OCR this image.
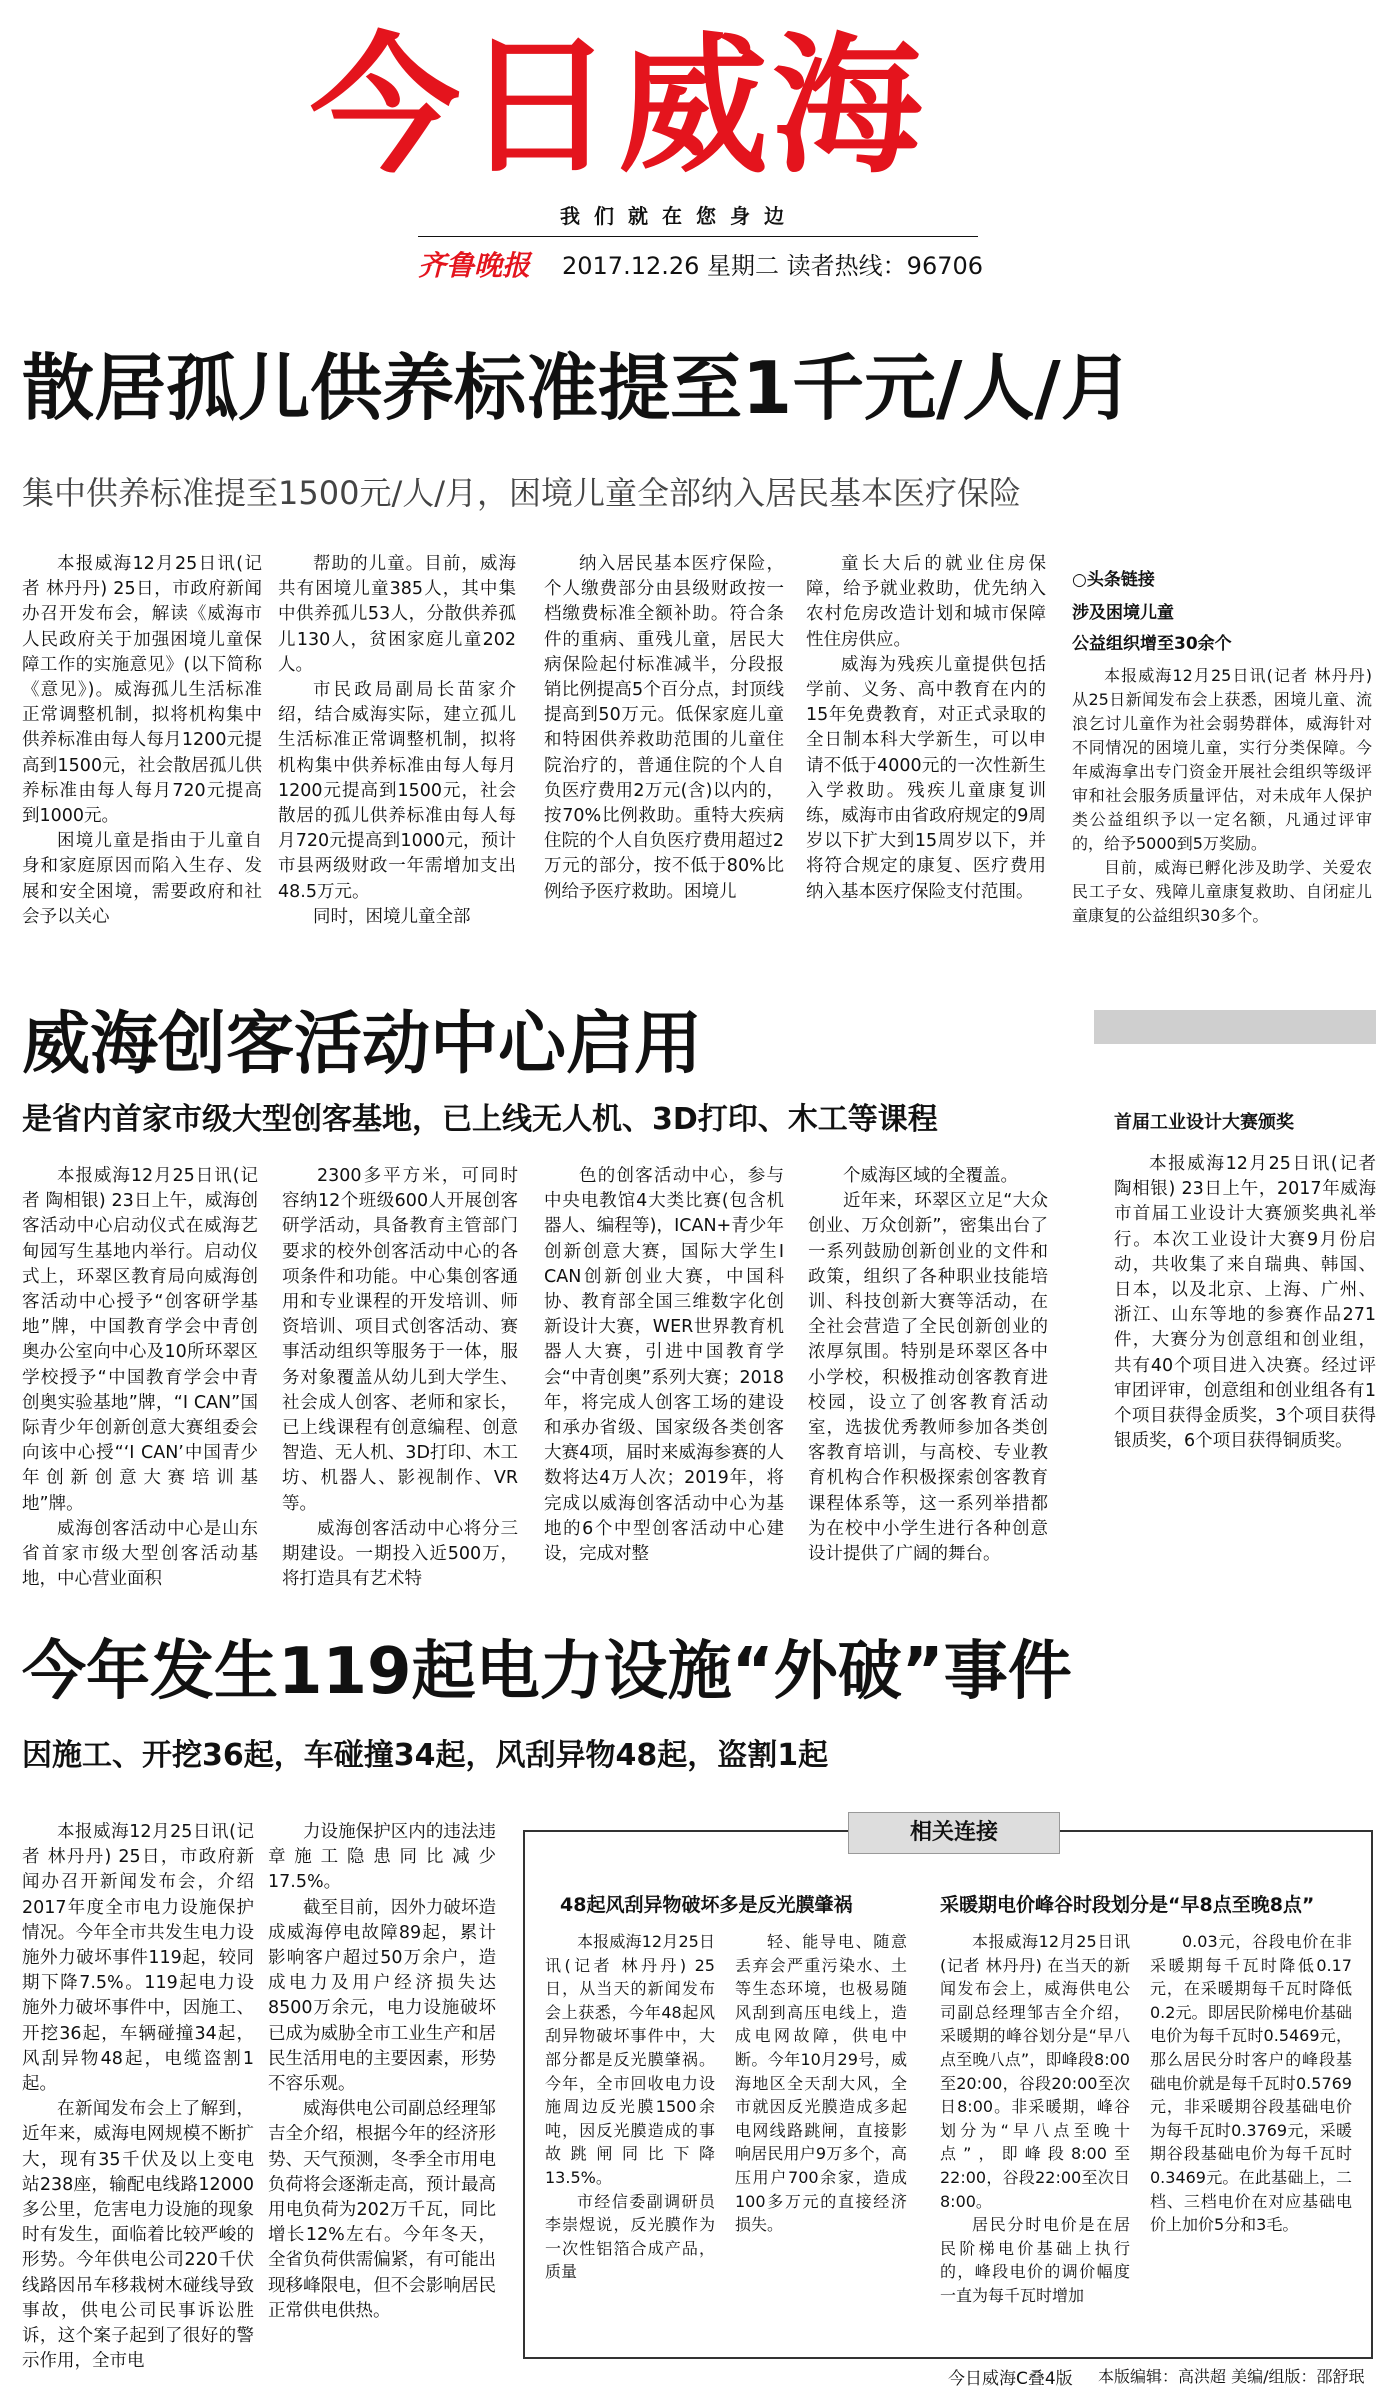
今日威海
我们就在您身边
齐鲁晚报 2017.12.26 星期二 读者热线：96706
散居孤儿供养标准提至1千元/人/月
集中供养标准提至1500元/人/月，困境儿童全部纳入居民基本医疗保险

本报威海12月25日讯(记者 林丹丹) 25日，市政府新闻办召开发布会，解读《威海市人民政府关于加强困境儿童保障工作的实施意见》(以下简称《意见》)。威海孤儿生活标准正常调整机制，拟将机构集中供养标准由每人每月1200元提高到1500元，社会散居孤儿供养标准由每人每月720元提高到1000元。

困境儿童是指由于儿童自身和家庭原因而陷入生存、发展和安全困境，需要政府和社会予以关心

帮助的儿童。目前，威海共有困境儿童385人，其中集中供养孤儿53人，分散供养孤儿130人，贫困家庭儿童202人。

市民政局副局长苗家介绍，结合威海实际，建立孤儿生活标准正常调整机制，拟将机构集中供养标准由每人每月1200元提高到1500元，社会散居的孤儿供养标准由每人每月720元提高到1000元，预计市县两级财政一年需增加支出48.5万元。

同时，困境儿童全部

纳入居民基本医疗保险，个人缴费部分由县级财政按一档缴费标准全额补助。符合条件的重病、重残儿童，居民大病保险起付标准减半，分段报销比例提高5个百分点，封顶线提高到50万元。低保家庭儿童和特困供养救助范围的儿童住院治疗的，普通住院的个人自负医疗费用2万元(含)以内的，按70%比例救助。重特大疾病住院的个人自负医疗费用超过2万元的部分，按不低于80%比例给予医疗救助。困境儿

童长大后的就业住房保障，给予就业救助，优先纳入农村危房改造计划和城市保障性住房供应。

威海为残疾儿童提供包括学前、义务、高中教育在内的15年免费教育，对正式录取的全日制本科大学新生，可以申请不低于4000元的一次性新生入学救助。残疾儿童康复训练，威海市由省政府规定的9周岁以下扩大到15周岁以下，并将符合规定的康复、医疗费用纳入基本医疗保险支付范围。

○头条链接
涉及困境儿童
公益组织增至30余个

本报威海12月25日讯(记者 林丹丹) 从25日新闻发布会上获悉，困境儿童、流浪乞讨儿童作为社会弱势群体，威海针对不同情况的困境儿童，实行分类保障。今年威海拿出专门资金开展社会组织等级评审和社会服务质量评估，对未成年人保护类公益组织予以一定名额，凡通过评审的，给予5000到5万奖励。

目前，威海已孵化涉及助学、关爱农民工子女、残障儿童康复救助、自闭症儿童康复的公益组织30多个。

威海创客活动中心启用
是省内首家市级大型创客基地，已上线无人机、3D打印、木工等课程

本报威海12月25日讯(记者 陶相银) 23日上午，威海创客活动中心启动仪式在威海艺甸园写生基地内举行。启动仪式上，环翠区教育局向威海创客活动中心授予“创客研学基地”牌，中国教育学会中青创奥办公室向中心及10所环翠区学校授予“中国教育学会中青创奥实验基地”牌，“I CAN”国际青少年创新创意大赛组委会向该中心授“‘I CAN’中国青少年创新创意大赛培训基地”牌。

威海创客活动中心是山东省首家市级大型创客活动基地，中心营业面积

2300多平方米，可同时容纳12个班级600人开展创客研学活动，具备教育主管部门要求的校外创客活动中心的各项条件和功能。中心集创客通用和专业课程的开发培训、师资培训、项目式创客活动、赛事活动组织等服务于一体，服务对象覆盖从幼儿到大学生、社会成人创客、老师和家长，已上线课程有创意编程、创意智造、无人机、3D打印、木工坊、机器人、影视制作、VR等。

威海创客活动中心将分三期建设。一期投入近500万，将打造具有艺术特

色的创客活动中心，参与中央电教馆4大类比赛(包含机器人、编程等)，ICAN+青少年创新创意大赛，国际大学生I CAN创新创业大赛，中国科协、教育部全国三维数字化创新设计大赛，WER世界教育机器人大赛，引进中国教育学会“中青创奥”系列大赛；2018年，将完成人创客工场的建设和承办省级、国家级各类创客大赛4项，届时来威海参赛的人数将达4万人次；2019年，将完成以威海创客活动中心为基地的6个中型创客活动中心建设，完成对整

个威海区域的全覆盖。

近年来，环翠区立足“大众创业、万众创新”，密集出台了一系列鼓励创新创业的文件和政策，组织了各种职业技能培训、科技创新大赛等活动，在全社会营造了全民创新创业的浓厚氛围。特别是环翠区各中小学校，积极推动创客教育进校园，设立了创客教育活动室，选拔优秀教师参加各类创客教育培训，与高校、专业教育机构合作积极探索创客教育课程体系等，这一系列举措都为在校中小学生进行各种创意设计提供了广阔的舞台。

首届工业设计大赛颁奖

本报威海12月25日讯(记者 陶相银) 23日上午，2017年威海市首届工业设计大赛颁奖典礼举行。本次工业设计大赛9月份启动，共收集了来自瑞典、韩国、日本，以及北京、上海、广州、浙江、山东等地的参赛作品271件，大赛分为创意组和创业组，共有40个项目进入决赛。经过评审团评审，创意组和创业组各有1个项目获得金质奖，3个项目获得银质奖，6个项目获得铜质奖。

今年发生119起电力设施“外破”事件
因施工、开挖36起，车碰撞34起，风刮异物48起，盗割1起

本报威海12月25日讯(记者 林丹丹) 25日，市政府新闻办召开新闻发布会，介绍2017年度全市电力设施保护情况。今年全市共发生电力设施外力破坏事件119起，较同期下降7.5%。119起电力设施外力破坏事件中，因施工、开挖36起，车辆碰撞34起，风刮异物48起，电缆盗割1起。

在新闻发布会上了解到，近年来，威海电网规模不断扩大，现有35千伏及以上变电站238座，输配电线路12000多公里，危害电力设施的现象时有发生，面临着比较严峻的形势。今年供电公司220千伏线路因吊车移栽树木碰线导致事故，供电公司民事诉讼胜诉，这个案子起到了很好的警示作用，全市电

力设施保护区内的违法违章施工隐患同比减少17.5%。

截至目前，因外力破坏造成威海停电故障89起，累计影响客户超过50万余户，造成电力及用户经济损失达8500万余元，电力设施破坏已成为威胁全市工业生产和居民生活用电的主要因素，形势不容乐观。

威海供电公司副总经理邹吉全介绍，根据今年的经济形势、天气预测，冬季全市用电负荷将会逐渐走高，预计最高用电负荷为202万千瓦，同比增长12%左右。今年冬天，全省负荷供需偏紧，有可能出现移峰限电，但不会影响居民正常供电供热。

相关连接
48起风刮异物破坏多是反光膜肇祸

本报威海12月25日讯(记者 林丹丹) 25日，从当天的新闻发布会上获悉，今年48起风刮异物破坏事件中，大部分都是反光膜肇祸。今年，全市回收电力设施周边反光膜1500余吨，因反光膜造成的事故跳闸同比下降13.5%。

市经信委副调研员李崇煜说，反光膜作为一次性铝箔合成产品，质量

轻、能导电、随意丢弃会严重污染水、土等生态环境，也极易随风刮到高压电线上，造成电网故障，供电中断。今年10月29号，威海地区全天刮大风，全市就因反光膜造成多起电网线路跳闸，直接影响居民用户9万多个，高压用户700余家，造成100多万元的直接经济损失。

采暖期电价峰谷时段划分是“早8点至晚8点”

本报威海12月25日讯(记者 林丹丹) 在当天的新闻发布会上，威海供电公司副总经理邹吉全介绍，采暖期的峰谷划分是“早八点至晚八点”，即峰段8:00至20:00，谷段20:00至次日8:00。非采暖期，峰谷划分为“早八点至晚十点”，即峰段8:00至22:00，谷段22:00至次日8:00。

居民分时电价是在居民阶梯电价基础上执行的，峰段电价的调价幅度一直为每千瓦时增加

0.03元，谷段电价在非采暖期每千瓦时降低0.17元，在采暖期每千瓦时降低0.2元。即居民阶梯电价基础电价为每千瓦时0.5469元，那么居民分时客户的峰段基础电价就是每千瓦时0.5769元，非采暖期谷段基础电价为每千瓦时0.3769元，采暖期谷段基础电价为每千瓦时0.3469元。在此基础上，二档、三档电价在对应基础电价上加价5分和3毛。

今日威海C叠4版 本版编辑：高洪超 美编/组版：邵舒珉
